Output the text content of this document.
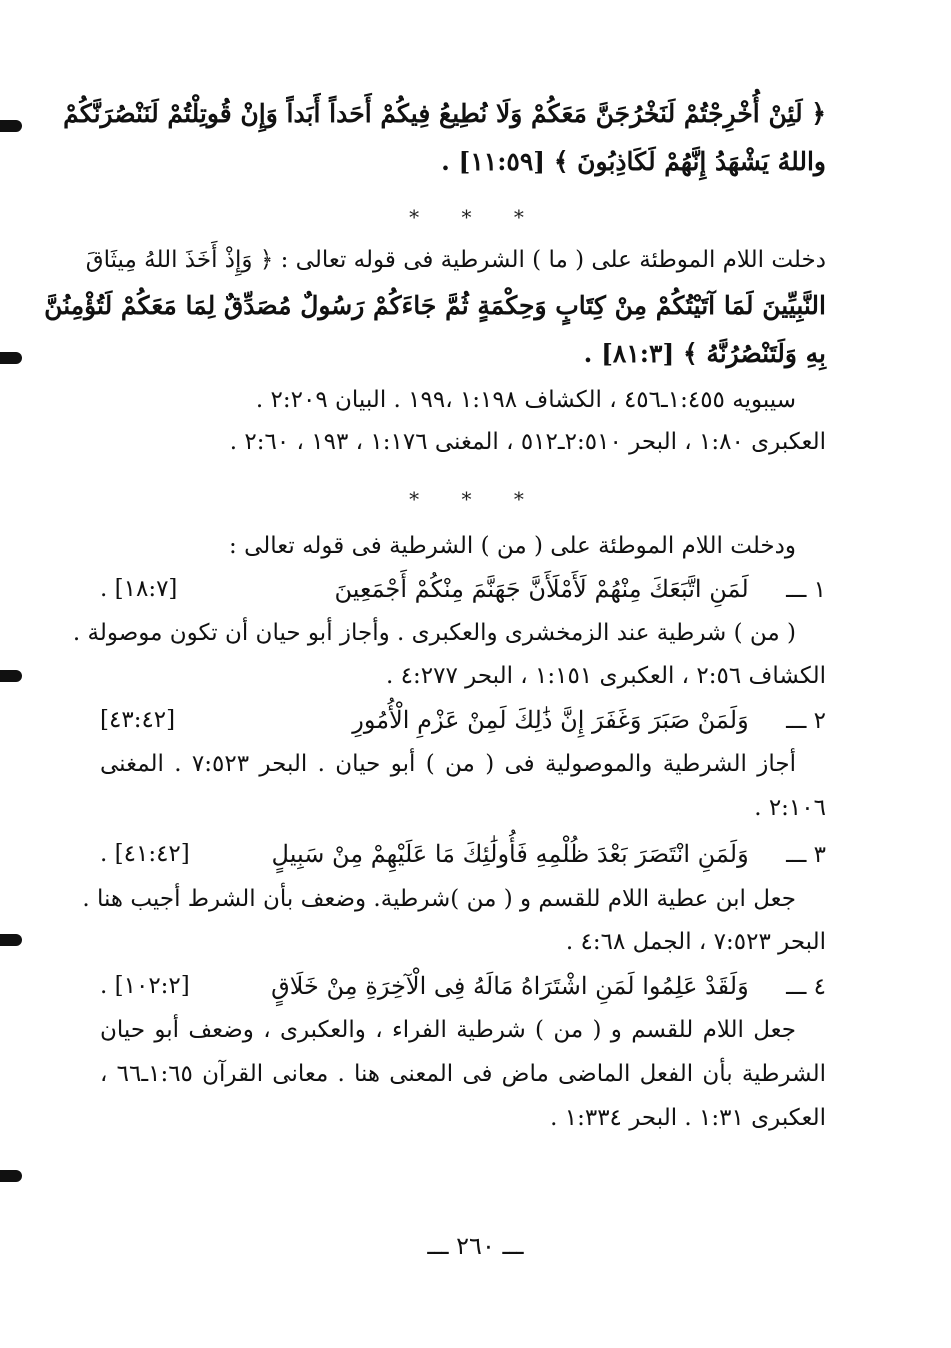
﴿ لَئِنْ أُخْرِجْتُمْ لَنَخْرُجَنَّ مَعَكُمْ وَلَا نُطِيعُ فِيكُمْ أَحَداً أَبَداً وَإِنْ قُوتِلْتُمْ لَنَنْصُرَنَّكُمْ
واللهُ يَشْهَدُ إِنَّهُمْ لَكَاذِبُونَ ﴾ [١١:٥٩] .
* * *
دخلت اللام الموطئة على ( ما ) الشرطية فى قوله تعالى : ﴿ وَإِذْ أَخَذَ اللهُ مِيثَاقَ
النَّبِيِّينَ لَمَا آتَيْتُكُمْ مِنْ كِتَابٍ وَحِكْمَةٍ ثُمَّ جَاءَكُمْ رَسُولٌ مُصَدِّقٌ لِمَا مَعَكُمْ لَتُؤْمِنُنَّ
بِهِ وَلَتَنْصُرُنَّهُ ﴾ [٨١:٣] .
سيبويه ١:٤٥٥ـ٤٥٦ ، الكشاف ١:١٩٨ ،١٩٩ . البيان ٢:٢٠٩ .
العكبرى ١:٨٠ ، البحر ٢:٥١٠ـ٥١٢ ، المغنى ١:١٧٦ ، ١٩٣ ، ٢:٦٠ .
* * *
ودخلت اللام الموطئة على ( من ) الشرطية فى قوله تعالى :
١ ـــ لَمَنِ اتَّبَعَكَ مِنْهُمْ لَأَمْلَأَنَّ جَهَنَّمَ مِنْكُمْ أَجْمَعِينَ
[١٨:٧] .
( من ) شرطية عند الزمخشرى والعكبرى . وأجاز أبو حيان أن تكون موصولة .
الكشاف ٢:٥٦ ، العكبرى ١:١٥١ ، البحر ٤:٢٧٧ .
٢ ـــ وَلَمَنْ صَبَرَ وَغَفَرَ إِنَّ ذَٰلِكَ لَمِنْ عَزْمِ الْأُمُورِ
[٤٣:٤٢]
أجاز الشرطية والموصولية فى ( من ) أبو حيان . البحر ٧:٥٢٣ . المغنى
٢:١٠٦ .
٣ ـــ وَلَمَنِ انْتَصَرَ بَعْدَ ظُلْمِهِ فَأُولَٰئِكَ مَا عَلَيْهِمْ مِنْ سَبِيلٍ
[٤١:٤٢] .
جعل ابن عطية اللام للقسم و ( من )شرطية. وضعف بأن الشرط أجيب هنا .
البحر ٧:٥٢٣ ، الجمل ٤:٦٨ .
٤ ـــ وَلَقَدْ عَلِمُوا لَمَنِ اشْتَرَاهُ مَالَهُ فِى الْآخِرَةِ مِنْ خَلَاقٍ
[١٠٢:٢] .
جعل اللام للقسم و ( من ) شرطية الفراء ، والعكبرى ، وضعف أبو حيان
الشرطية بأن الفعل الماضى ماض فى المعنى هنا . معانى القرآن ١:٦٥ـ٦٦ ،
العكبرى ١:٣١ . البحر ١:٣٣٤ .
ـــ ٢٦٠ ـــ
